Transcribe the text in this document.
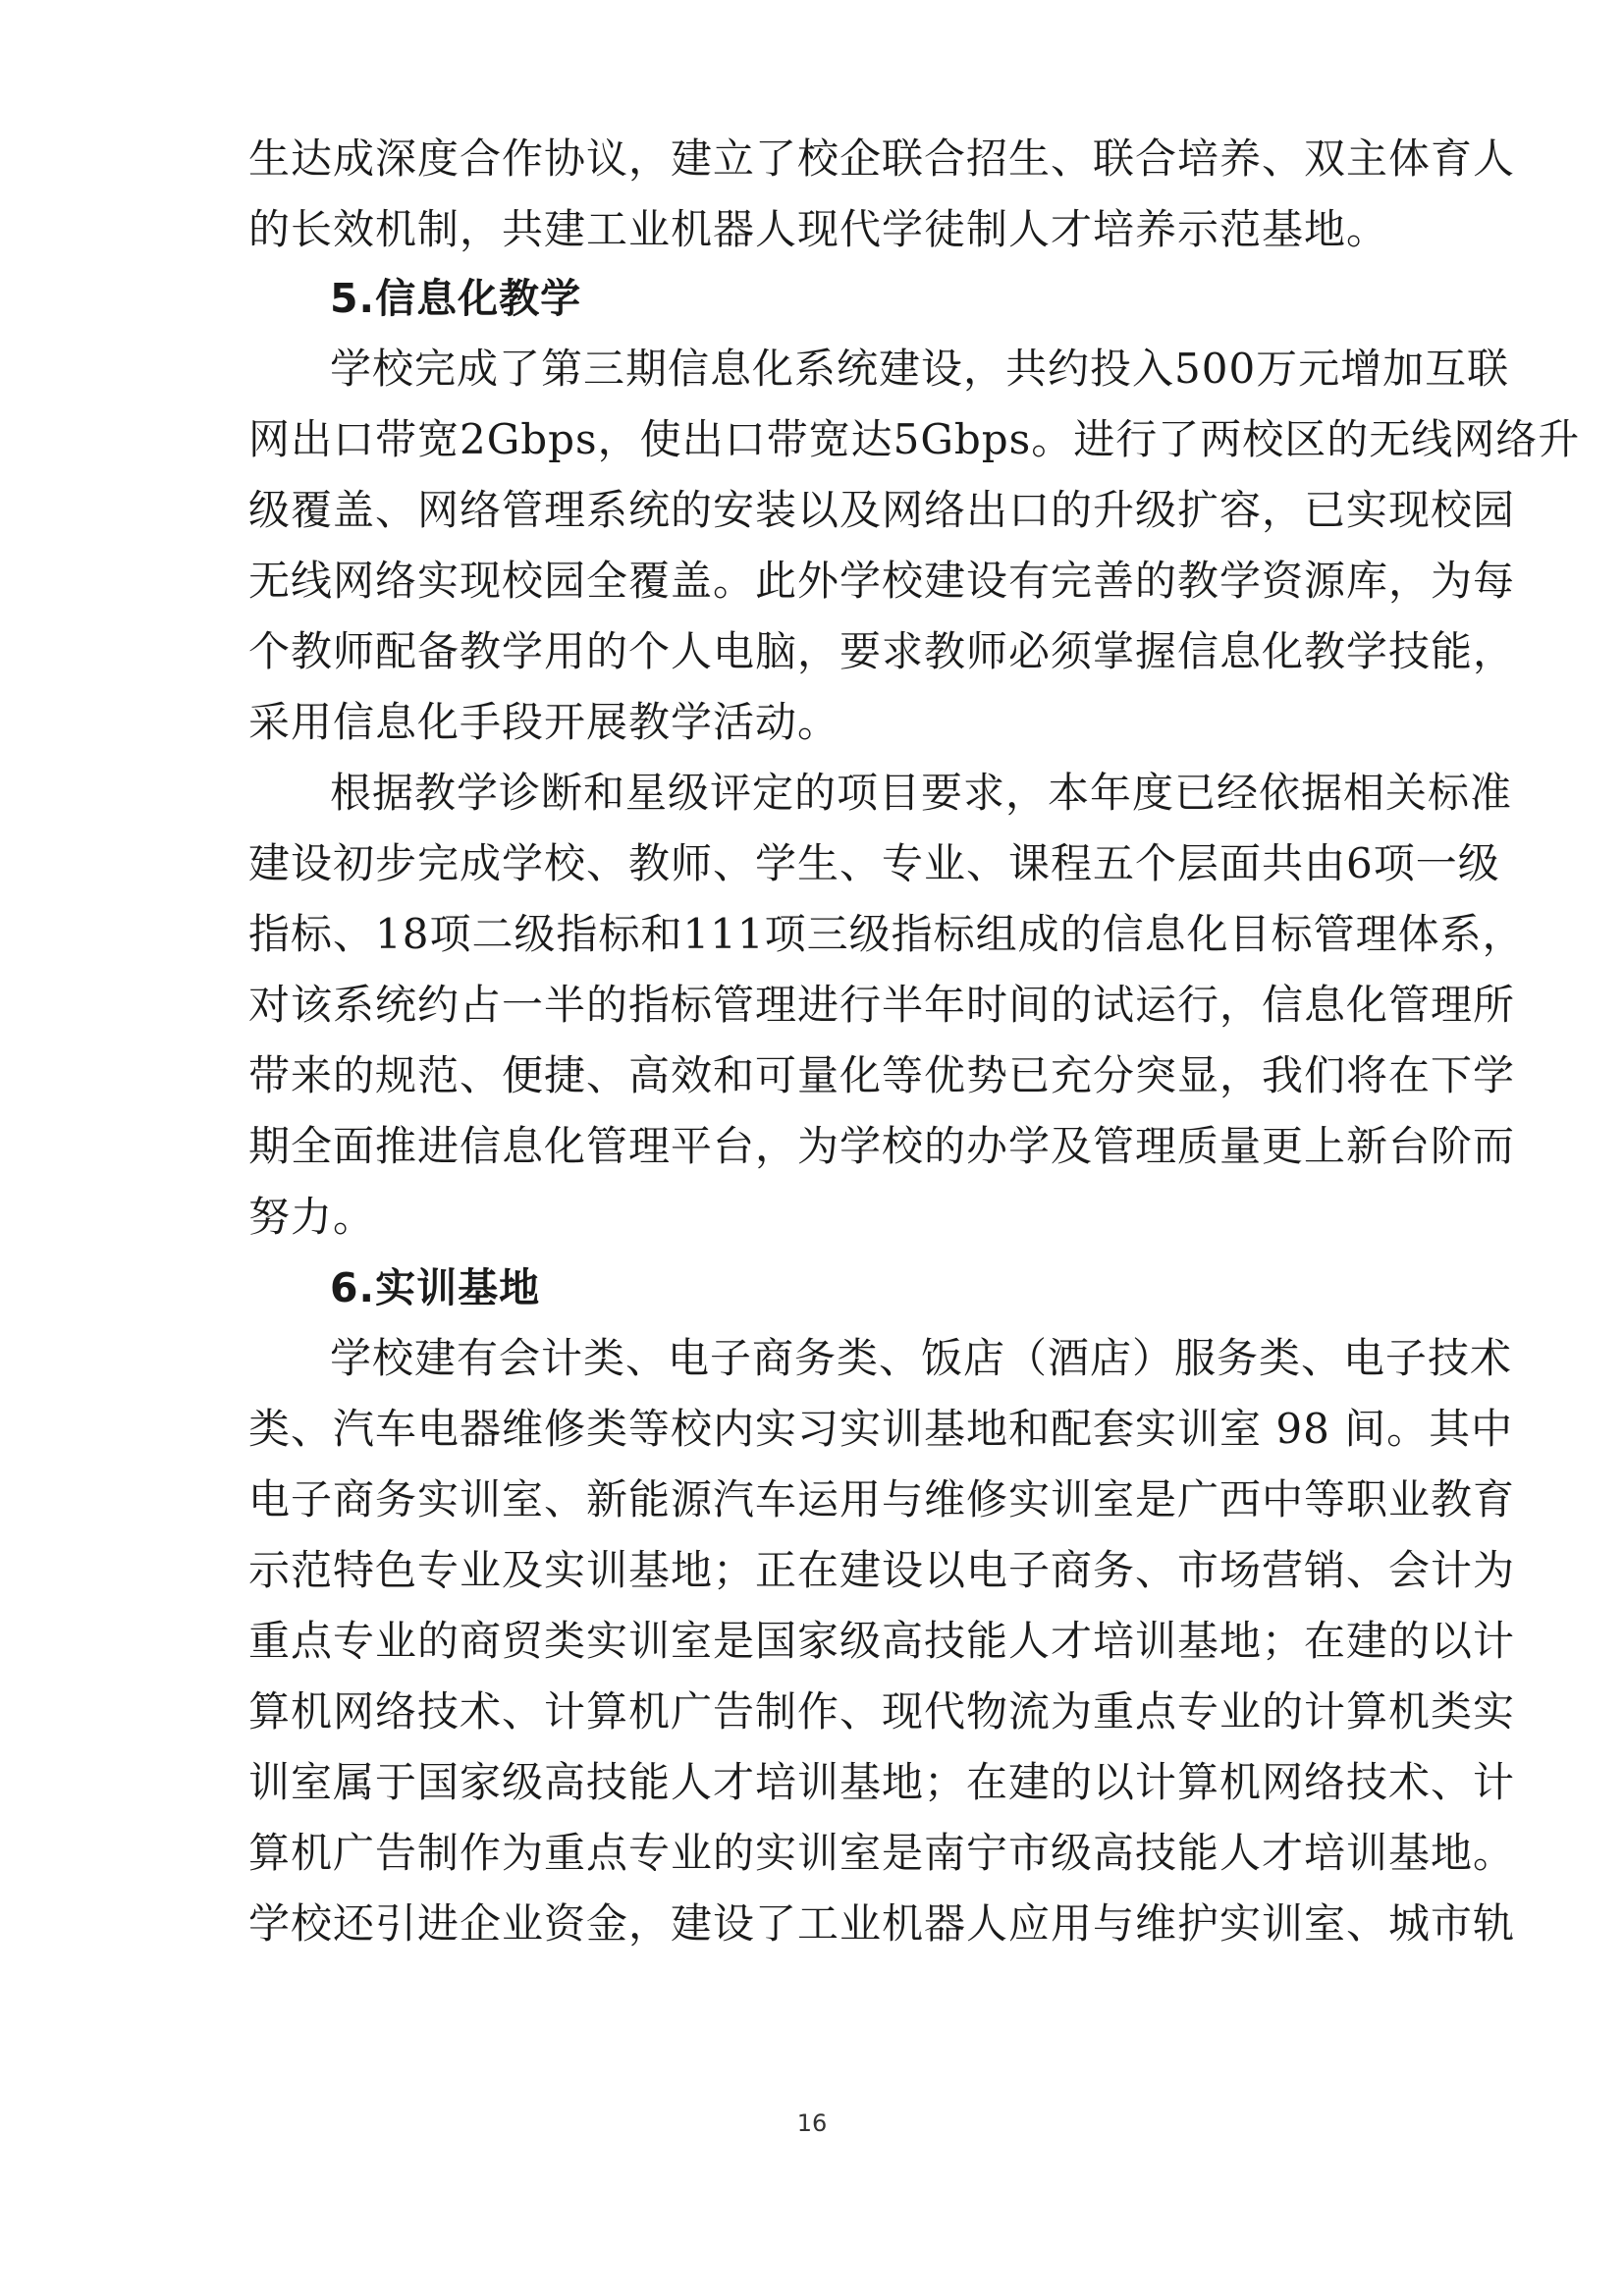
生达成深度合作协议，建立了校企联合招生、联合培养、双主体育人
的长效机制，共建工业机器人现代学徒制人才培养示范基地。
5.信息化教学
学校完成了第三期信息化系统建设，共约投入500万元增加互联
网出口带宽2Gbps，使出口带宽达5Gbps。进行了两校区的无线网络升
级覆盖、网络管理系统的安装以及网络出口的升级扩容，已实现校园
无线网络实现校园全覆盖。此外学校建设有完善的教学资源库，为每
个教师配备教学用的个人电脑，要求教师必须掌握信息化教学技能，
采用信息化手段开展教学活动。
根据教学诊断和星级评定的项目要求，本年度已经依据相关标准
建设初步完成学校、教师、学生、专业、课程五个层面共由6项一级
指标、18项二级指标和111项三级指标组成的信息化目标管理体系，
对该系统约占一半的指标管理进行半年时间的试运行，信息化管理所
带来的规范、便捷、高效和可量化等优势已充分突显，我们将在下学
期全面推进信息化管理平台，为学校的办学及管理质量更上新台阶而
努力。
6.实训基地
学校建有会计类、电子商务类、饭店（酒店）服务类、电子技术
类、汽车电器维修类等校内实习实训基地和配套实训室 98 间。其中
电子商务实训室、新能源汽车运用与维修实训室是广西中等职业教育
示范特色专业及实训基地；正在建设以电子商务、市场营销、会计为
重点专业的商贸类实训室是国家级高技能人才培训基地；在建的以计
算机网络技术、计算机广告制作、现代物流为重点专业的计算机类实
训室属于国家级高技能人才培训基地；在建的以计算机网络技术、计
算机广告制作为重点专业的实训室是南宁市级高技能人才培训基地。
学校还引进企业资金，建设了工业机器人应用与维护实训室、城市轨
16
